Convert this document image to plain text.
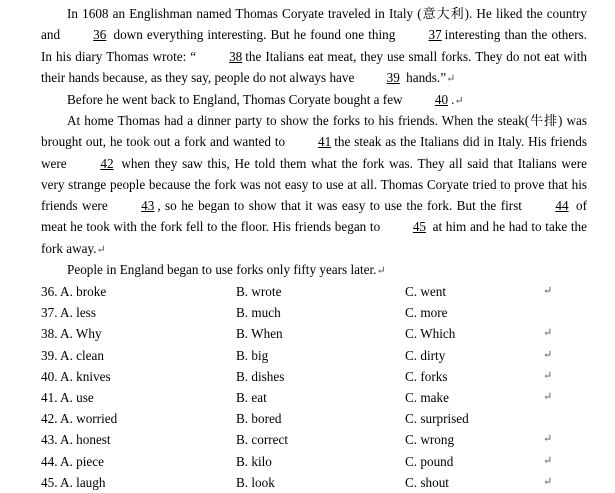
In 1608 an Englishman named Thomas Coryate traveled in Italy (意大利). He liked the country and	36 down everything interesting. But he found one thing	37 interesting than the others. In his diary Thomas wrote: “ 38 the Italians eat meat, they use small forks. They do not eat with their hands because, as they say, people do not always have 39 hands.”↵

Before he went back to England, Thomas Coryate bought a few 40 .↵

At home Thomas had a dinner party to show the forks to his friends. When the steak(牛排) was brought out, he took out a fork and wanted to 41 the steak as the Italians did in Italy. His friends were	42 when they saw this, He told them what the fork was. They all said that Italians were very strange people because the fork was not easy to use at all. Thomas Coryate tried to prove that his friends were	43 , so he began to show that it was easy to use the fork. But the first	44 of meat he took with the fork fell to the floor. His friends began to 45 at him and he had to take the fork away.↵

People in England began to use forks only fifty years later.↵

36. A. broke	B. wrote	C. went	↵
37. A. less	B. much	C. more
38. A. Why	B. When	C. Which	↵
39. A. clean	B. big	C. dirty	↵
40. A. knives	B. dishes	C. forks	↵
41. A. use	B. eat	C. make	↵
42. A. worried	B. bored	C. surprised
43. A. honest	B. correct	C. wrong	↵
44. A. piece	B. kilo	C. pound	↵
45. A. laugh	B. look	C. shout	↵
